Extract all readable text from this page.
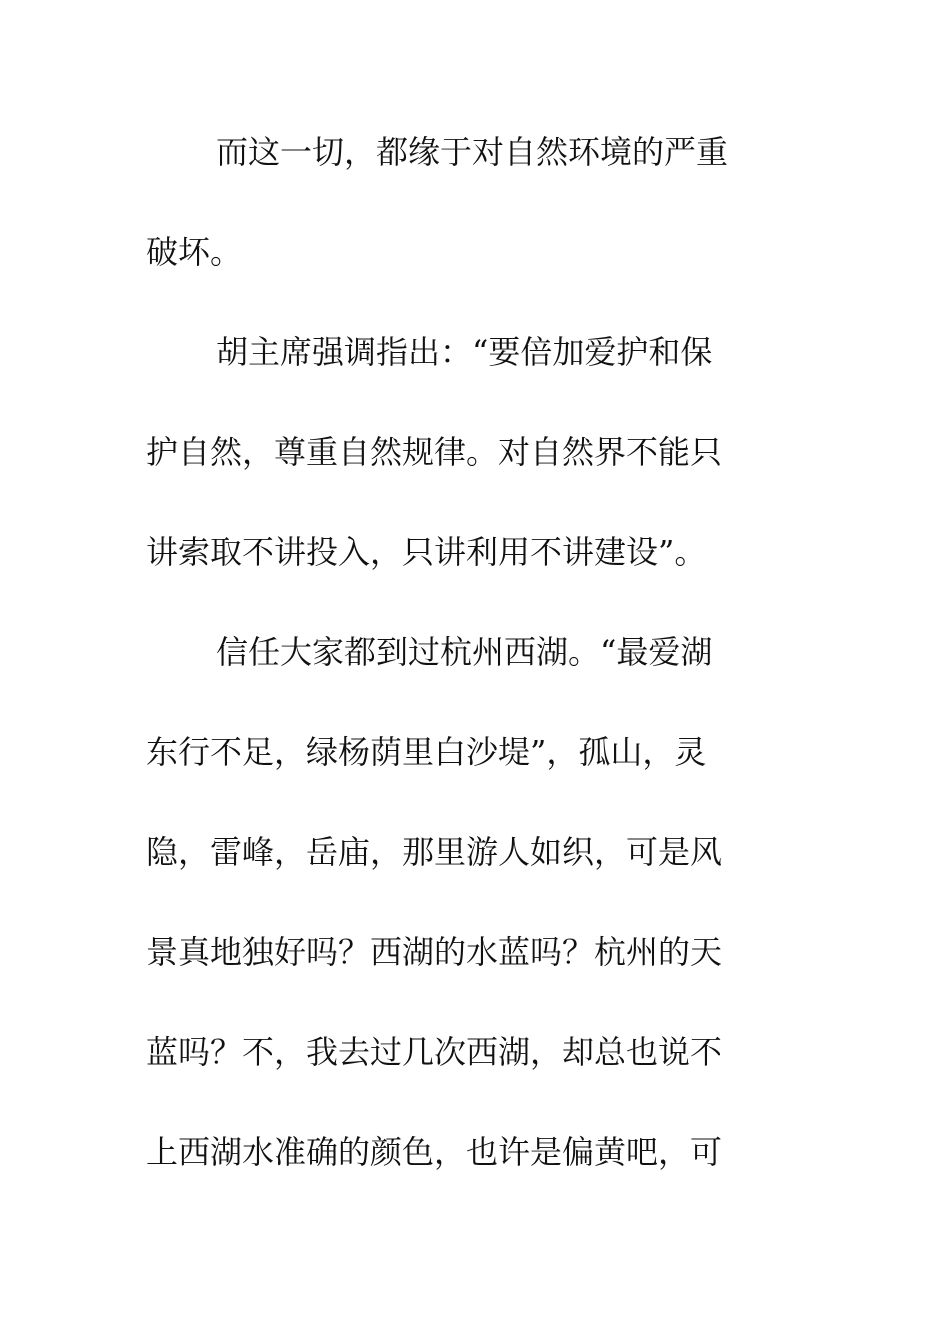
而这一切，都缘于对自然环境的严重
破坏。
胡主席强调指出：“要倍加爱护和保
护自然，尊重自然规律。对自然界不能只
讲索取不讲投入，只讲利用不讲建设”。
信任大家都到过杭州西湖。“最爱湖
东行不足，绿杨荫里白沙堤”，孤山，灵
隐，雷峰，岳庙，那里游人如织，可是风
景真地独好吗？西湖的水蓝吗？杭州的天
蓝吗？不，我去过几次西湖，却总也说不
上西湖水准确的颜色，也许是偏黄吧，可
